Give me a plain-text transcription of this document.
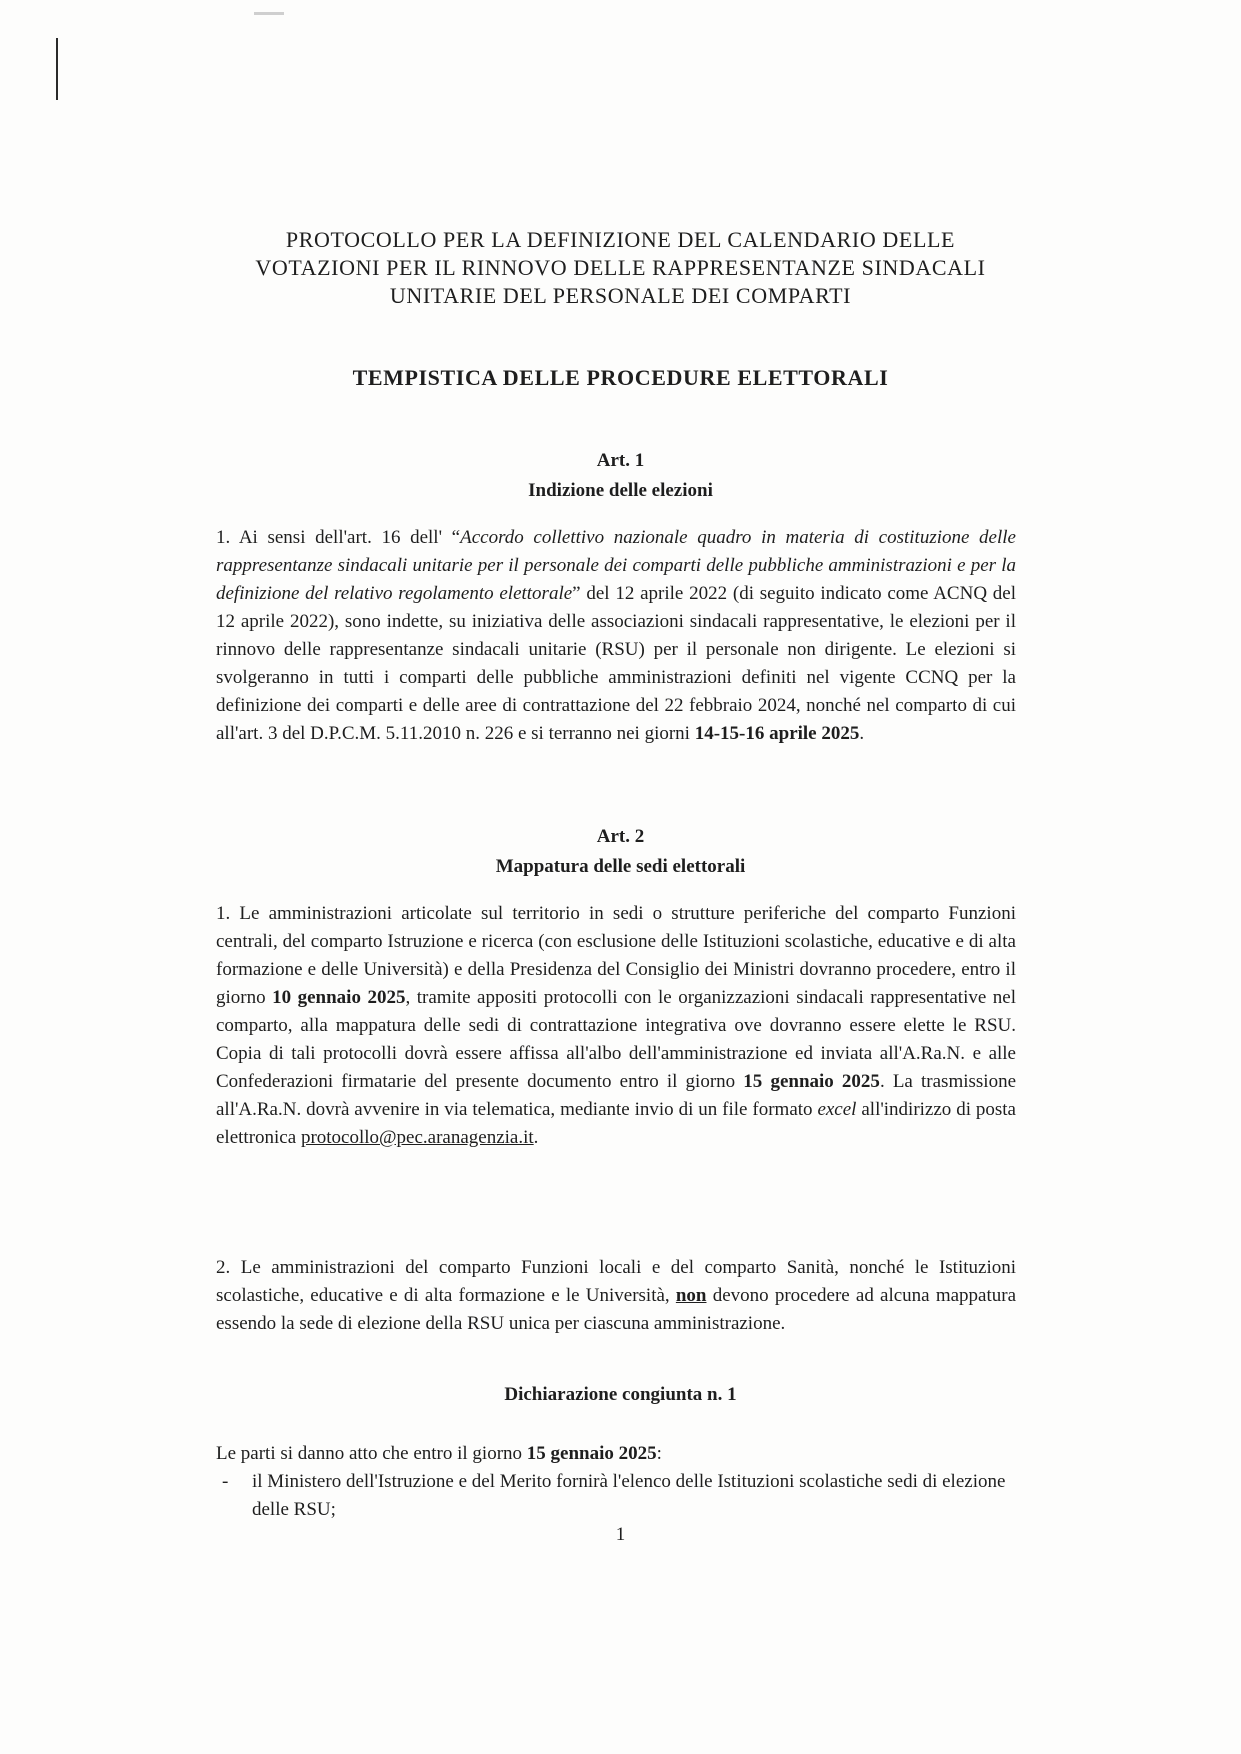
PROTOCOLLO PER LA DEFINIZIONE DEL CALENDARIO DELLE
VOTAZIONI PER IL RINNOVO DELLE RAPPRESENTANZE SINDACALI
UNITARIE DEL PERSONALE DEI COMPARTI
TEMPISTICA DELLE PROCEDURE ELETTORALI
Art. 1
Indizione delle elezioni

1. Ai sensi dell'art. 16 dell' “Accordo collettivo nazionale quadro in materia di costituzione delle rappresentanze sindacali unitarie per il personale dei comparti delle pubbliche amministrazioni e per la definizione del relativo regolamento elettorale” del 12 aprile 2022 (di seguito indicato come ACNQ del 12 aprile 2022), sono indette, su iniziativa delle associazioni sindacali rappresentative, le elezioni per il rinnovo delle rappresentanze sindacali unitarie (RSU) per il personale non dirigente. Le elezioni si svolgeranno in tutti i comparti delle pubbliche amministrazioni definiti nel vigente CCNQ per la definizione dei comparti e delle aree di contrattazione del 22 febbraio 2024, nonché nel comparto di cui all'art. 3 del D.P.C.M. 5.11.2010 n. 226 e si terranno nei giorni 14-15-16 aprile 2025.

Art. 2
Mappatura delle sedi elettorali

1. Le amministrazioni articolate sul territorio in sedi o strutture periferiche del comparto Funzioni centrali, del comparto Istruzione e ricerca (con esclusione delle Istituzioni scolastiche, educative e di alta formazione e delle Università) e della Presidenza del Consiglio dei Ministri dovranno procedere, entro il giorno 10 gennaio 2025, tramite appositi protocolli con le organizzazioni sindacali rappresentative nel comparto, alla mappatura delle sedi di contrattazione integrativa ove dovranno essere elette le RSU. Copia di tali protocolli dovrà essere affissa all'albo dell'amministrazione ed inviata all'A.Ra.N. e alle Confederazioni firmatarie del presente documento entro il giorno 15 gennaio 2025. La trasmissione all'A.Ra.N. dovrà avvenire in via telematica, mediante invio di un file formato excel all'indirizzo di posta elettronica protocollo@pec.aranagenzia.it.

2. Le amministrazioni del comparto Funzioni locali e del comparto Sanità, nonché le Istituzioni scolastiche, educative e di alta formazione e le Università, non devono procedere ad alcuna mappatura essendo la sede di elezione della RSU unica per ciascuna amministrazione.

Dichiarazione congiunta n. 1

Le parti si danno atto che entro il giorno 15 gennaio 2025:

- il Ministero dell'Istruzione e del Merito fornirà l'elenco delle Istituzioni scolastiche sedi di elezione delle RSU;
1
